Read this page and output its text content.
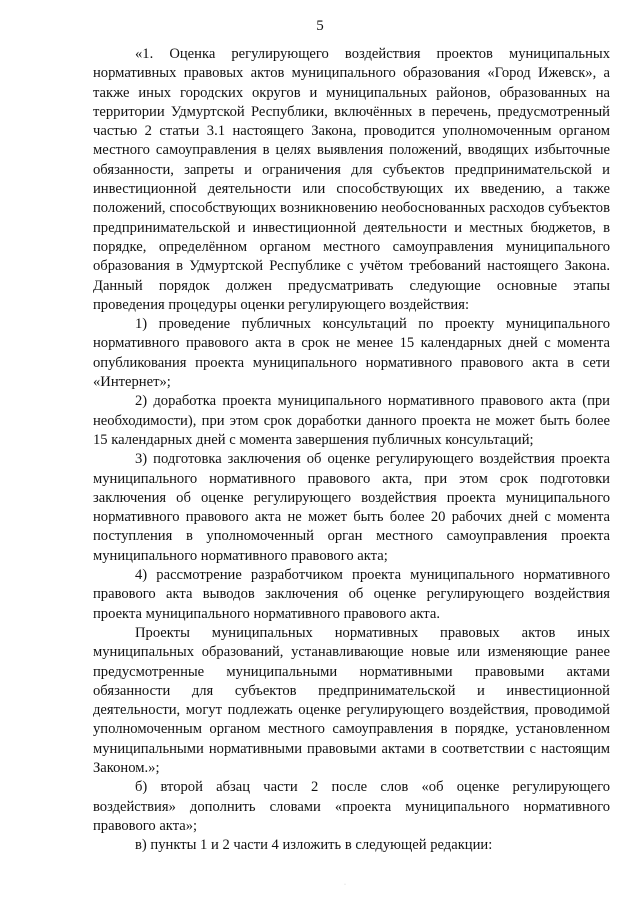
5

«1. Оценка регулирующего воздействия проектов муниципальных нормативных правовых актов муниципального образования «Город Ижевск», а также иных городских округов и муниципальных районов, образованных на территории Удмуртской Республики, включённых в перечень, предусмотренный частью 2 статьи 3.1 настоящего Закона, проводится уполномоченным органом местного самоуправления в целях выявления положений, вводящих избыточные обязанности, запреты и ограничения для субъектов предпринимательской и инвестиционной деятельности или способствующих их введению, а также положений, способствующих возникновению необоснованных расходов субъектов предпринимательской и инвестиционной деятельности и местных бюджетов, в порядке, определённом органом местного самоуправления муниципального образования в Удмуртской Республике с учётом требований настоящего Закона. Данный порядок должен предусматривать следующие основные этапы проведения процедуры оценки регулирующего воздействия:

1) проведение публичных консультаций по проекту муниципального нормативного правового акта в срок не менее 15 календарных дней с момента опубликования проекта муниципального нормативного правового акта в сети «Интернет»;

2) доработка проекта муниципального нормативного правового акта (при необходимости), при этом срок доработки данного проекта не может быть более 15 календарных дней с момента завершения публичных консультаций;

3) подготовка заключения об оценке регулирующего воздействия проекта муниципального нормативного правового акта, при этом срок подготовки заключения об оценке регулирующего воздействия проекта муниципального нормативного правового акта не может быть более 20 рабочих дней с момента поступления в уполномоченный орган местного самоуправления проекта муниципального нормативного правового акта;

4) рассмотрение разработчиком проекта муниципального нормативного правового акта выводов заключения об оценке регулирующего воздействия проекта муниципального нормативного правового акта.

Проекты муниципальных нормативных правовых актов иных муниципальных образований, устанавливающие новые или изменяющие ранее предусмотренные муниципальными нормативными правовыми актами обязанности для субъектов предпринимательской и инвестиционной деятельности, могут подлежать оценке регулирующего воздействия, проводимой уполномоченным органом местного самоуправления в порядке, установленном муниципальными нормативными правовыми актами в соответствии с настоящим Законом.»;

б) второй абзац части 2 после слов «об оценке регулирующего воздействия» дополнить словами «проекта муниципального нормативного правового акта»;

в) пункты 1 и 2 части 4 изложить в следующей редакции:

·
